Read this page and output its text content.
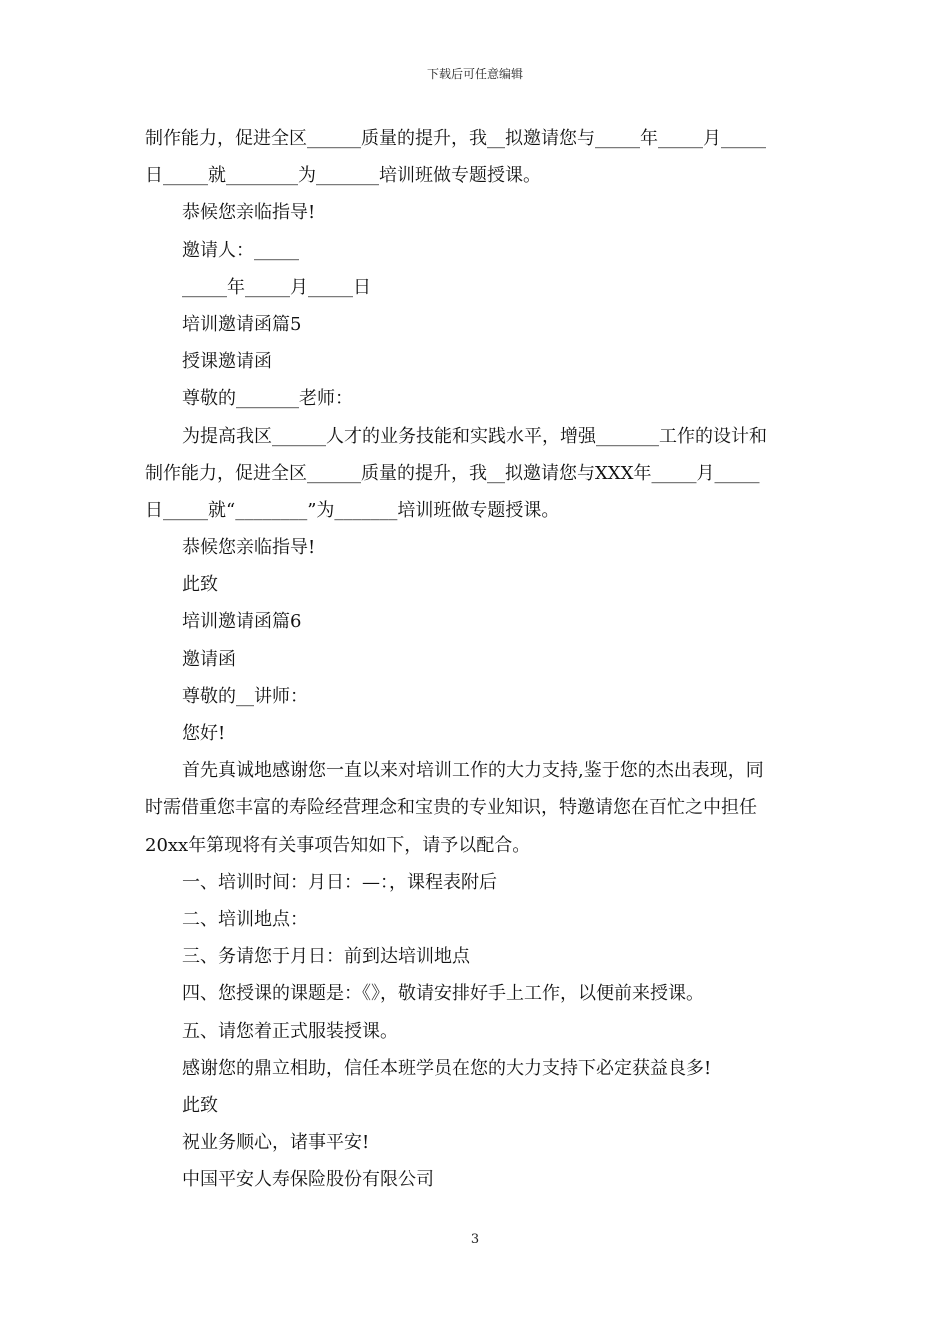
下载后可任意编辑
制作能力，促进全区______质量的提升，我__拟邀请您与_____年_____月_____
日_____就________为_______培训班做专题授课。
恭候您亲临指导!
邀请人：_____
_____年_____月_____日
培训邀请函篇5
授课邀请函
尊敬的_______老师：
为提高我区______人才的业务技能和实践水平，增强_______工作的设计和
制作能力，促进全区______质量的提升，我__拟邀请您与XXX年_____月_____
日_____就“________”为_______培训班做专题授课。
恭候您亲临指导!
此致
培训邀请函篇6
邀请函
尊敬的__讲师：
您好!
首先真诚地感谢您一直以来对培训工作的大力支持,鉴于您的杰出表现，同
时需借重您丰富的寿险经营理念和宝贵的专业知识，特邀请您在百忙之中担任
20xx年第现将有关事项告知如下，请予以配合。
一、培训时间：月日：—：，课程表附后
二、培训地点：
三、务请您于月日：前到达培训地点
四、您授课的课题是：《》，敬请安排好手上工作，以便前来授课。
五、请您着正式服装授课。
感谢您的鼎立相助，信任本班学员在您的大力支持下必定获益良多!
此致
祝业务顺心，诸事平安!
中国平安人寿保险股份有限公司
3
